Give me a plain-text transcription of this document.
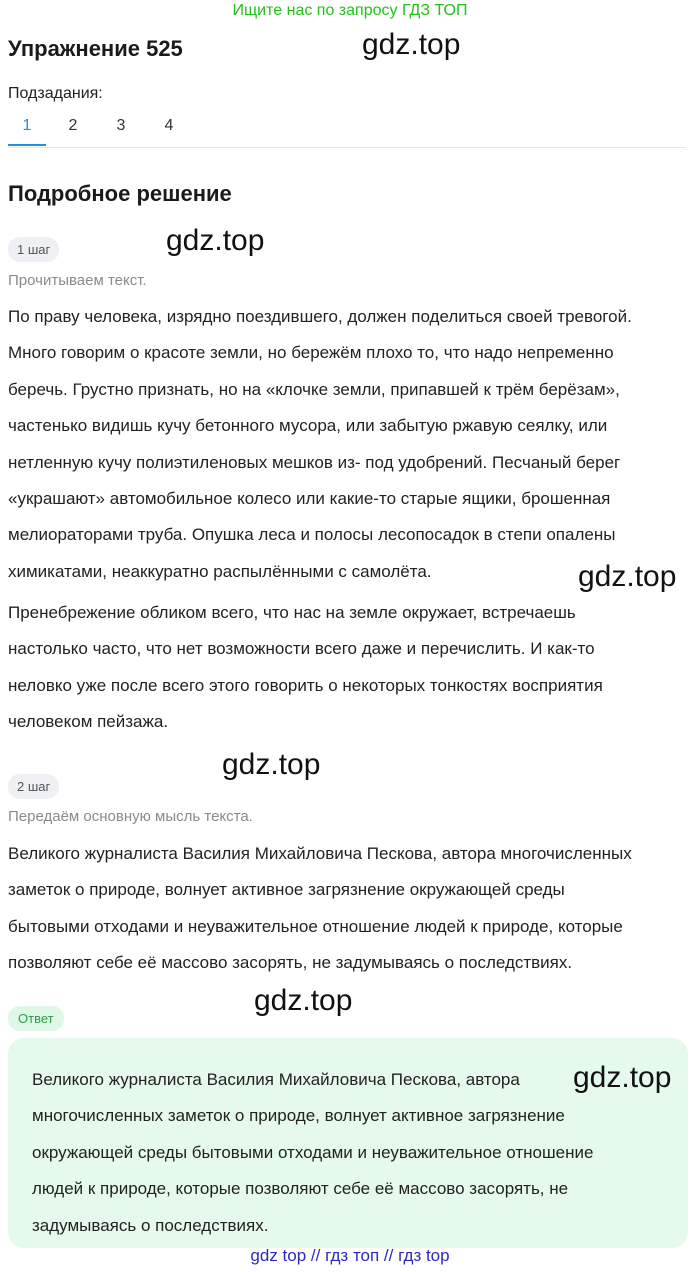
Ищите нас по запросу ГДЗ ТОП
Упражнение 525	gdz.top
Подзадания:
1	2	3	4
Подробное решение
1 шаг	gdz.top
Прочитываем текст.
По праву человека, изрядно поездившего, должен поделиться своей тревогой.
Много говорим о красоте земли, но бережём плохо то, что надо непременно
беречь. Грустно признать, но на «клочке земли, припавшей к трём берёзам»,
частенько видишь кучу бетонного мусора, или забытую ржавую сеялку, или
нетленную кучу полиэтиленовых мешков из- под удобрений. Песчаный берег
«украшают» автомобильное колесо или какие-то старые ящики, брошенная
мелиораторами труба. Опушка леса и полосы лесопосадок в степи опалены
химикатами, неаккуратно распылёнными с самолёта.	gdz.top
Пренебрежение обликом всего, что нас на земле окружает, встречаешь
настолько часто, что нет возможности всего даже и перечислить. И как-то
неловко уже после всего этого говорить о некоторых тонкостях восприятия
человеком пейзажа.
2 шаг
gdz.top
Передаём основную мысль текста.
Великого журналиста Василия Михайловича Пескова, автора многочисленных
заметок о природе, волнует активное загрязнение окружающей среды
бытовыми отходами и неуважительное отношение людей к природе, которые
позволяют себе её массово засорять, не задумываясь о последствиях.
Ответ
gdz.top
Великого журналиста Василия Михайловича Пескова, автора
многочисленных заметок о природе, волнует активное загрязнение
окружающей среды бытовыми отходами и неуважительное отношение
людей к природе, которые позволяют себе её массово засорять, не
задумываясь о последствиях.
gdz.top
gdz top // гдз топ // гдз top
